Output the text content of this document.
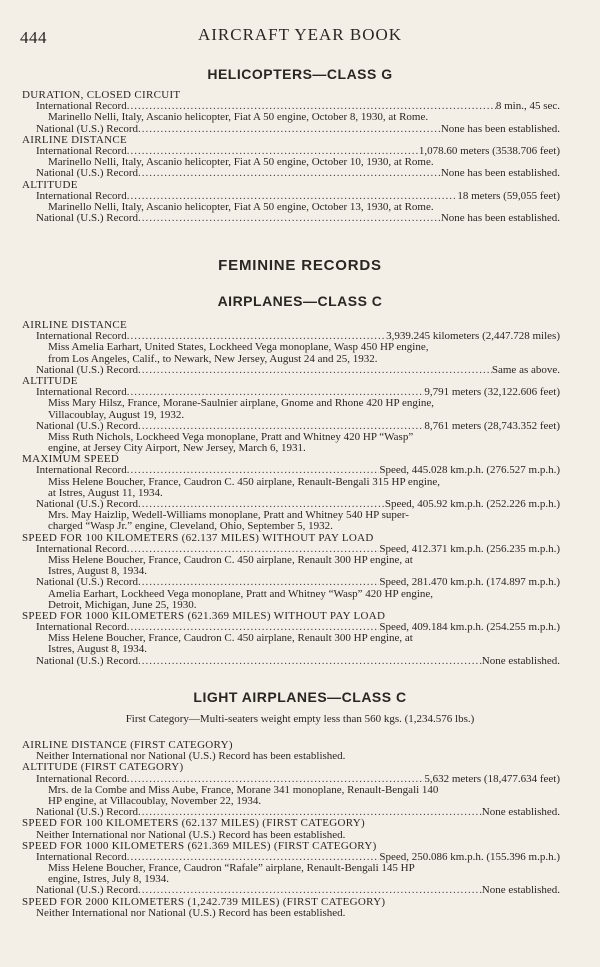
444	AIRCRAFT YEAR BOOK
HELICOPTERS—CLASS G
DURATION, CLOSED CIRCUIT
International Record .....	8 min., 45 sec.
Marinello Nelli, Italy, Ascanio helicopter, Fiat A 50 engine, October 8, 1930, at Rome.
National (U.S.) Record .....	None has been established.
AIRLINE DISTANCE
International Record .....	1,078.60 meters (3538.706 feet)
Marinello Nelli, Italy, Ascanio helicopter, Fiat A 50 engine, October 10, 1930, at Rome.
National (U.S.) Record .....	None has been established.
ALTITUDE
International Record .....	18 meters (59,055 feet)
Marinello Nelli, Italy, Ascanio helicopter, Fiat A 50 engine, October 13, 1930, at Rome.
National (U.S.) Record .....	None has been established.
FEMININE RECORDS
AIRPLANES—CLASS C
AIRLINE DISTANCE
International Record .....	3,939.245 kilometers (2,447.728 miles)
Miss Amelia Earhart, United States, Lockheed Vega monoplane, Wasp 450 HP engine,
from Los Angeles, Calif., to Newark, New Jersey, August 24 and 25, 1932.
National (U.S.) Record .....	Same as above.
ALTITUDE
International Record .....	9,791 meters (32,122.606 feet)
Miss Mary Hilsz, France, Morane-Saulnier airplane, Gnome and Rhone 420 HP engine,
Villacoublay, August 19, 1932.
National (U.S.) Record .....	8,761 meters (28,743.352 feet)
Miss Ruth Nichols, Lockheed Vega monoplane, Pratt and Whitney 420 HP “Wasp”
engine, at Jersey City Airport, New Jersey, March 6, 1931.
MAXIMUM SPEED
International Record .....	Speed, 445.028 km.p.h. (276.527 m.p.h.)
Miss Helene Boucher, France, Caudron C. 450 airplane, Renault-Bengali 315 HP engine,
at Istres, August 11, 1934.
National (U.S.) Record .....	Speed, 405.92 km.p.h. (252.226 m.p.h.)
Mrs. May Haizlip, Wedell-Williams monoplane, Pratt and Whitney 540 HP super-
charged “Wasp Jr.” engine, Cleveland, Ohio, September 5, 1932.
SPEED FOR 100 KILOMETERS (62.137 MILES) WITHOUT PAY LOAD
International Record .....	Speed, 412.371 km.p.h. (256.235 m.p.h.)
Miss Helene Boucher, France, Caudron C. 450 airplane, Renault 300 HP engine, at
Istres, August 8, 1934.
National (U.S.) Record .....	Speed, 281.470 km.p.h. (174.897 m.p.h.)
Amelia Earhart, Lockheed Vega monoplane, Pratt and Whitney “Wasp” 420 HP engine,
Detroit, Michigan, June 25, 1930.
SPEED FOR 1000 KILOMETERS (621.369 MILES) WITHOUT PAY LOAD
International Record .....	Speed, 409.184 km.p.h. (254.255 m.p.h.)
Miss Helene Boucher, France, Caudron C. 450 airplane, Renault 300 HP engine, at
Istres, August 8, 1934.
National (U.S.) Record .....	None established.
LIGHT AIRPLANES—CLASS C
First Category—Multi-seaters weight empty less than 560 kgs. (1,234.576 lbs.)
AIRLINE DISTANCE (FIRST CATEGORY)
Neither International nor National (U.S.) Record has been established.
ALTITUDE (FIRST CATEGORY)
International Record .....	5,632 meters (18,477.634 feet)
Mrs. de la Combe and Miss Aube, France, Morane 341 monoplane, Renault-Bengali 140
HP engine, at Villacoublay, November 22, 1934.
National (U.S.) Record .....	None established.
SPEED FOR 100 KILOMETERS (62.137 MILES) (FIRST CATEGORY)
Neither International nor National (U.S.) Record has been established.
SPEED FOR 1000 KILOMETERS (621.369 MILES) (FIRST CATEGORY)
International Record .....	Speed, 250.086 km.p.h. (155.396 m.p.h.)
Miss Helene Boucher, France, Caudron “Rafale” airplane, Renault-Bengali 145 HP
engine, Istres, July 8, 1934.
National (U.S.) Record .....	None established.
SPEED FOR 2000 KILOMETERS (1,242.739 MILES) (FIRST CATEGORY)
Neither International nor National (U.S.) Record has been established.
